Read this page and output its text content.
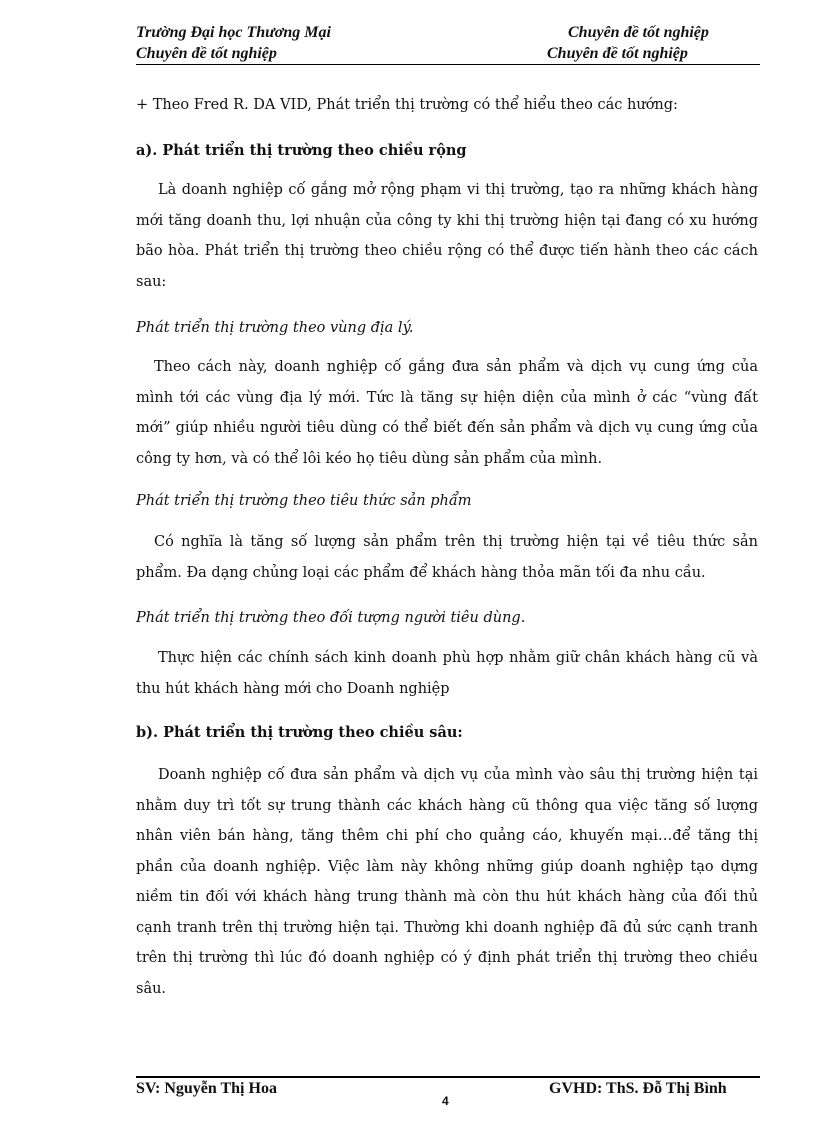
Trường Đại học Thương Mại	Chuyên đề tốt nghiệp
Chuyên đề tốt nghiệp	Chuyên đề tốt nghiệp
+ Theo Fred R. DA VID, Phát triển thị trường có thể hiểu theo các hướng:
a). Phát triển thị trường theo chiều rộng
Là doanh nghiệp cố gắng mở rộng phạm vi thị trường, tạo ra những khách hàng mới tăng doanh thu, lợi nhuận của công ty khi thị trường hiện tại đang có xu hướng bão hòa. Phát triển thị trường theo chiều rộng có thể được tiến hành theo các cách sau:
Phát triển thị trường theo vùng địa lý.
Theo cách này, doanh nghiệp cố gắng đưa sản phẩm và dịch vụ cung ứng của mình tới các vùng địa lý mới. Tức là tăng sự hiện diện của mình ở các “vùng đất mới” giúp nhiều người tiêu dùng có thể biết đến sản phẩm và dịch vụ cung ứng của công ty hơn, và có thể lôi kéo họ tiêu dùng sản phẩm của mình.
Phát triển thị trường theo tiêu thức sản phẩm
Có nghĩa là tăng số lượng sản phẩm trên thị trường hiện tại về tiêu thức sản phẩm. Đa dạng chủng loại các phẩm để khách hàng thỏa mãn tối đa nhu cầu.
Phát triển thị trường theo đối tượng người tiêu dùng.
Thực hiện các chính sách kinh doanh phù hợp nhằm giữ chân khách hàng cũ và thu hút khách hàng mới cho Doanh nghiệp
b). Phát triển thị trường theo chiều sâu:
Doanh nghiệp cố đưa sản phẩm và dịch vụ của mình vào sâu thị trường hiện tại nhằm duy trì tốt sự trung thành các khách hàng cũ thông qua việc tăng số lượng nhân viên bán hàng, tăng thêm chi phí cho quảng cáo, khuyến mại…để tăng thị phần của doanh nghiệp. Việc làm này không những giúp doanh nghiệp tạo dựng niềm tin đối với khách hàng trung thành mà còn thu hút khách hàng của đối thủ cạnh tranh trên thị trường hiện tại. Thường khi doanh nghiệp đã đủ sức cạnh tranh trên thị trường thì lúc đó doanh nghiệp có ý định phát triển thị trường theo chiều sâu.
SV: Nguyễn Thị Hoa
4
GVHD: ThS. Đỗ Thị Bình
